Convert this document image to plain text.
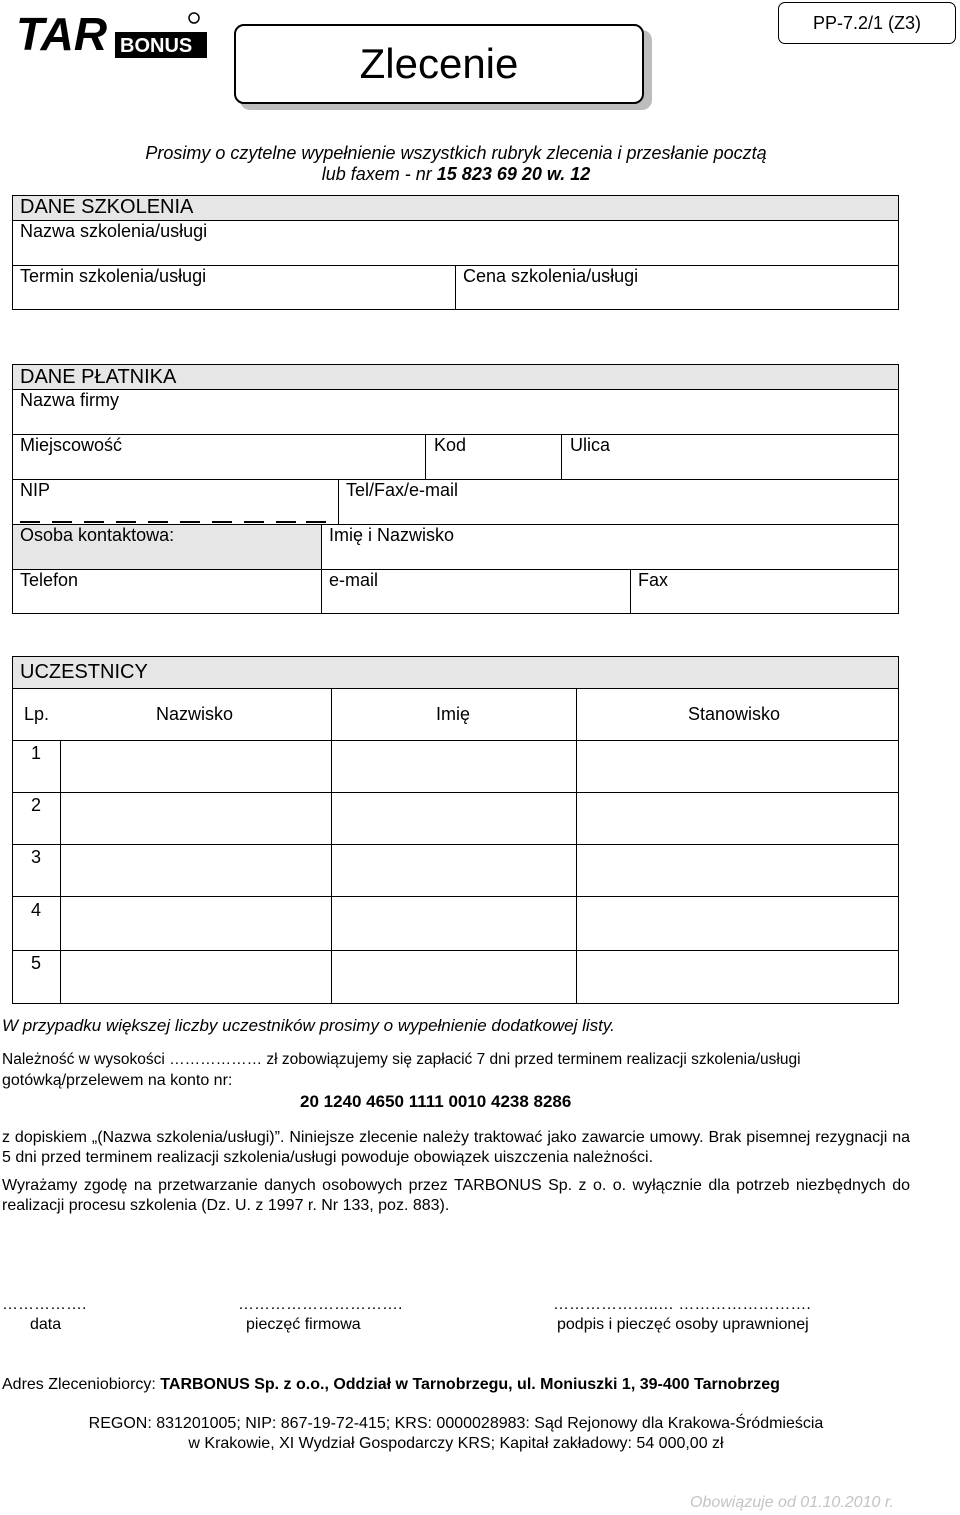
TAR BONUS	Zlecenie
PP-7.2/1 (Z3)
Prosimy o czytelne wypełnienie wszystkich rubryk zlecenia i przesłanie pocztą
lub faxem - nr 15 823 69 20 w. 12
DANE SZKOLENIA
Nazwa szkolenia/usługi
Termin szkolenia/usługi	Cena szkolenia/usługi
DANE PŁATNIKA
Nazwa firmy
Miejscowość	Kod	Ulica
NIP	Tel/Fax/e-mail
Osoba kontaktowa:	Imię i Nazwisko
Telefon	e-mail	Fax
UCZESTNICY
Lp.	Nazwisko	Imię	Stanowisko
1
2
3
4
5
W przypadku większej liczby uczestników prosimy o wypełnienie dodatkowej listy.
Należność w wysokości ……………… zł zobowiązujemy się zapłacić 7 dni przed terminem realizacji szkolenia/usługi
gotówką/przelewem na konto nr:
20 1240 4650 1111 0010 4238 8286
z dopiskiem „(Nazwa szkolenia/usługi)”. Niniejsze zlecenie należy traktować jako zawarcie umowy. Brak pisemnej rezygnacji na 5 dni przed terminem realizacji szkolenia/usługi powoduje obowiązek uiszczenia należności.
Wyrażamy zgodę na przetwarzanie danych osobowych przez TARBONUS Sp. z o. o. wyłącznie dla potrzeb niezbędnych do realizacji procesu szkolenia (Dz. U. z 1997 r. Nr 133, poz. 883).
…………….	………………………….	………………..… …………………….
data	pieczęć firmowa	podpis i pieczęć osoby uprawnionej
Adres Zleceniobiorcy: TARBONUS Sp. z o.o., Oddział w Tarnobrzegu, ul. Moniuszki 1, 39-400 Tarnobrzeg
REGON: 831201005; NIP: 867-19-72-415; KRS: 0000028983: Sąd Rejonowy dla Krakowa-Śródmieścia
w Krakowie, XI Wydział Gospodarczy KRS; Kapitał zakładowy: 54 000,00 zł
Obowiązuje od 01.10.2010 r.
